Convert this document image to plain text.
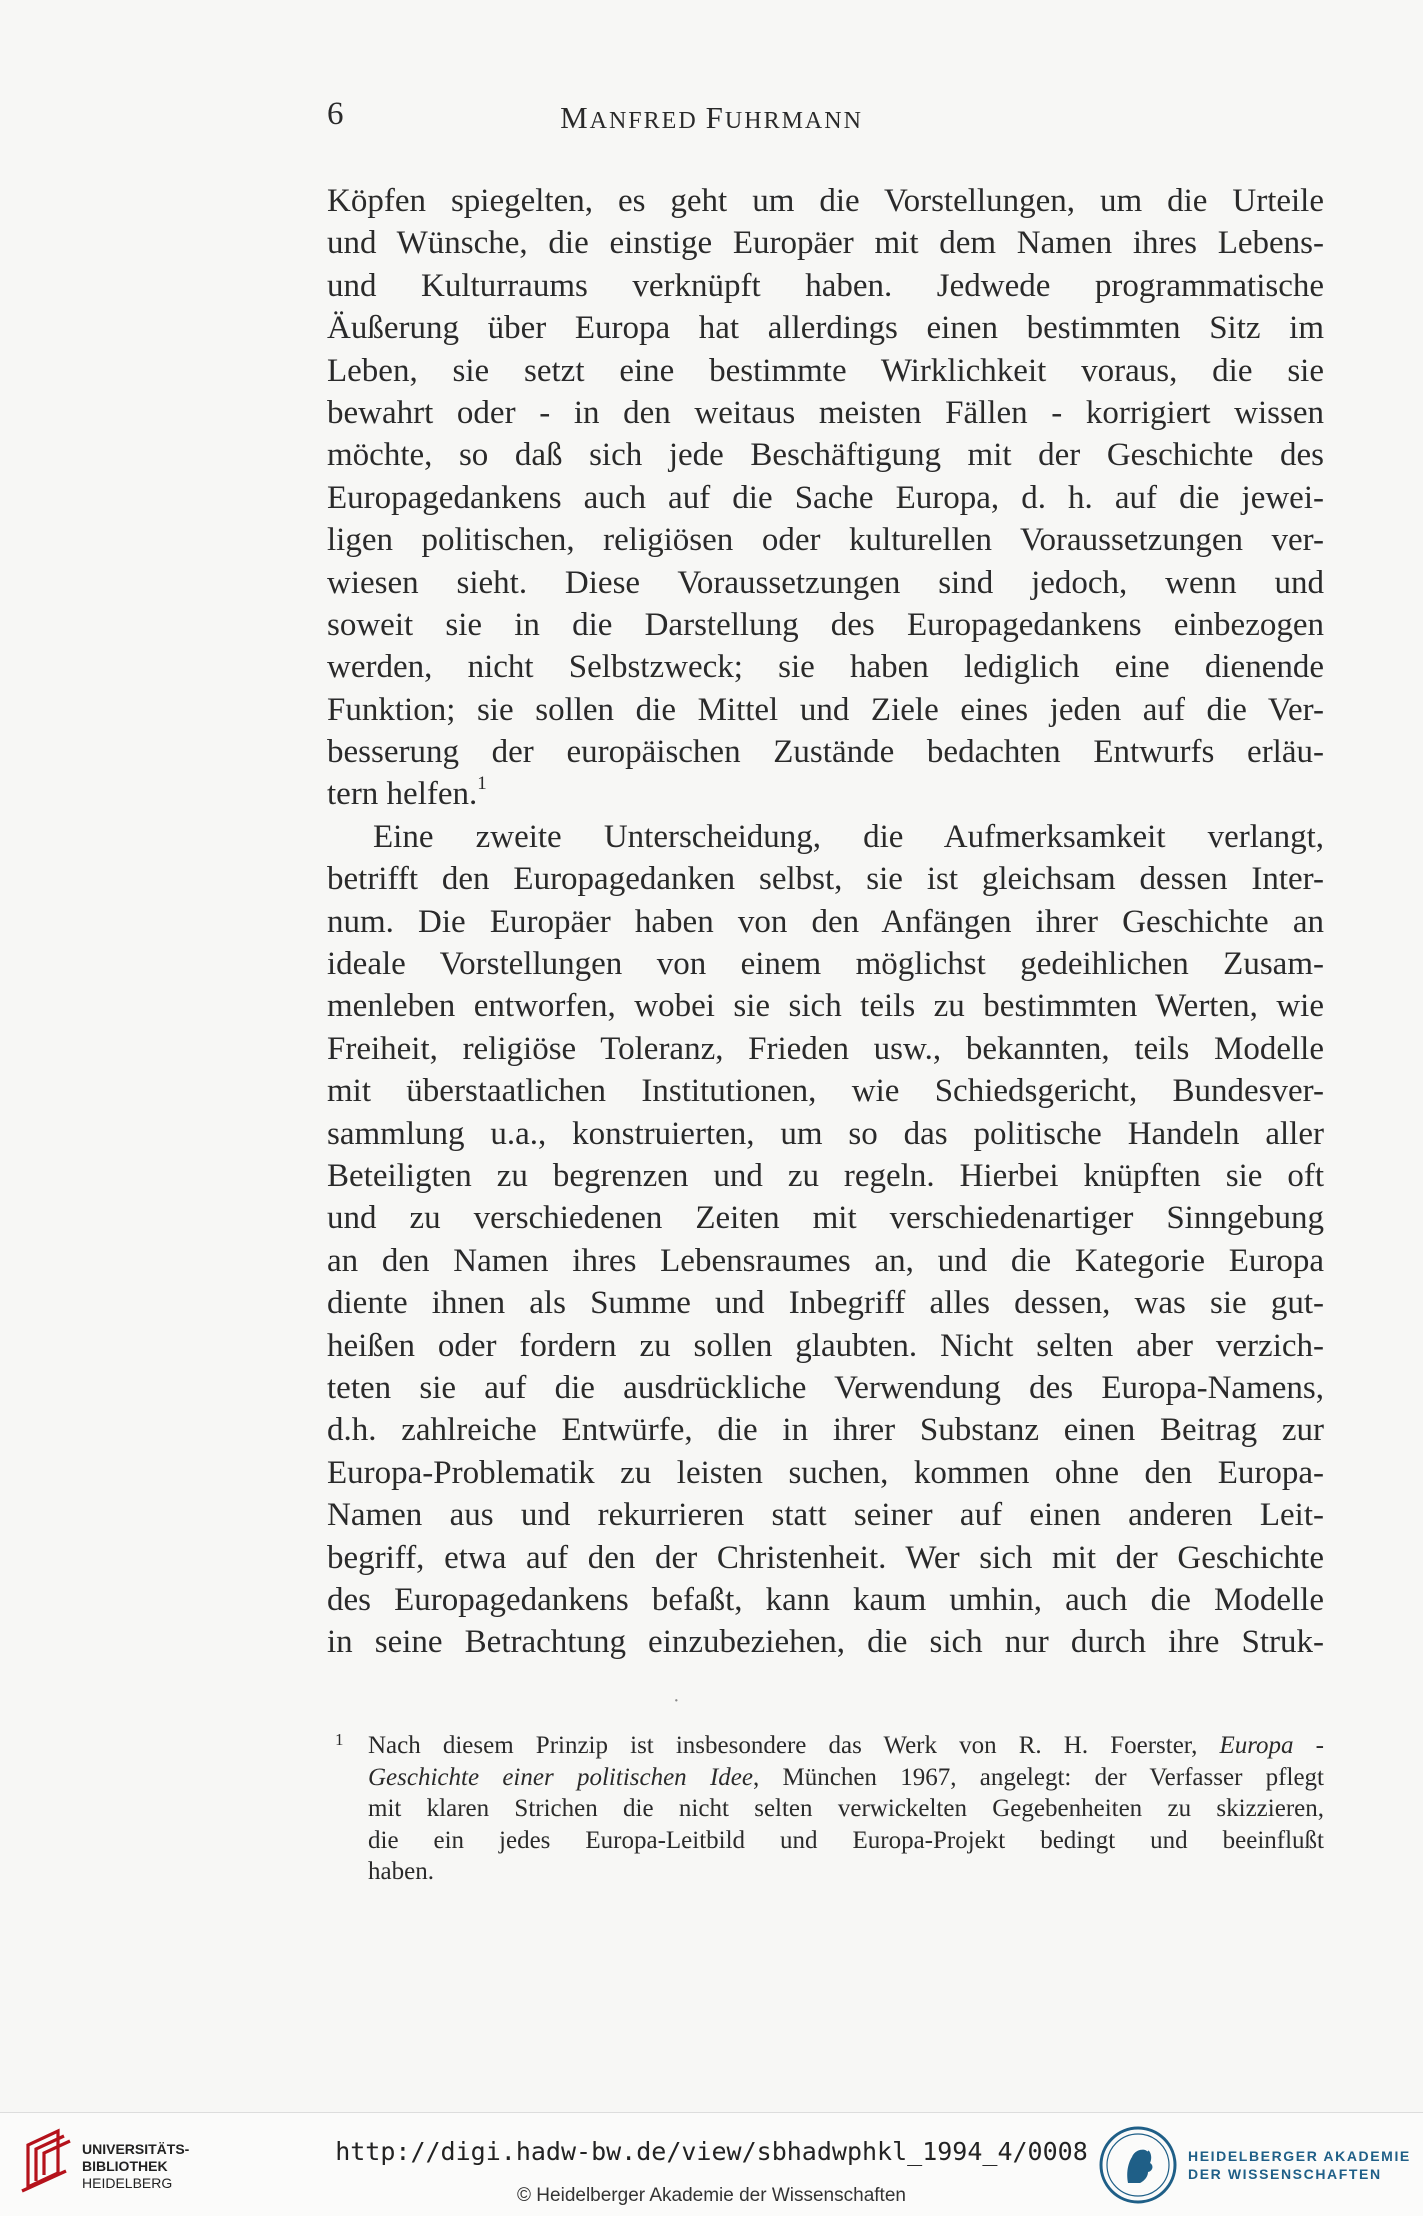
6	MANFRED FUHRMANN
Köpfen spiegelten, es geht um die Vorstellungen, um die Urteile
und Wünsche, die einstige Europäer mit dem Namen ihres Lebens-
und Kulturraums verknüpft haben. Jedwede programmatische
Äußerung über Europa hat allerdings einen bestimmten Sitz im
Leben, sie setzt eine bestimmte Wirklichkeit voraus, die sie
bewahrt oder - in den weitaus meisten Fällen - korrigiert wissen
möchte, so daß sich jede Beschäftigung mit der Geschichte des
Europagedankens auch auf die Sache Europa, d. h. auf die jewei-
ligen politischen, religiösen oder kulturellen Voraussetzungen ver-
wiesen sieht. Diese Voraussetzungen sind jedoch, wenn und
soweit sie in die Darstellung des Europagedankens einbezogen
werden, nicht Selbstzweck; sie haben lediglich eine dienende
Funktion; sie sollen die Mittel und Ziele eines jeden auf die Ver-
besserung der europäischen Zustände bedachten Entwurfs erläu-
tern helfen.$^1$
Eine zweite Unterscheidung, die Aufmerksamkeit verlangt,
betrifft den Europagedanken selbst, sie ist gleichsam dessen Inter-
num. Die Europäer haben von den Anfängen ihrer Geschichte an
ideale Vorstellungen von einem möglichst gedeihlichen Zusam-
menleben entworfen, wobei sie sich teils zu bestimmten Werten, wie
Freiheit, religiöse Toleranz, Frieden usw., bekannten, teils Modelle
mit überstaatlichen Institutionen, wie Schiedsgericht, Bundesver-
sammlung u.a., konstruierten, um so das politische Handeln aller
Beteiligten zu begrenzen und zu regeln. Hierbei knüpften sie oft
und zu verschiedenen Zeiten mit verschiedenartiger Sinngebung
an den Namen ihres Lebensraumes an, und die Kategorie Europa
diente ihnen als Summe und Inbegriff alles dessen, was sie gut-
heißen oder fordern zu sollen glaubten. Nicht selten aber verzich-
teten sie auf die ausdrückliche Verwendung des Europa-Namens,
d.h. zahlreiche Entwürfe, die in ihrer Substanz einen Beitrag zur
Europa-Problematik zu leisten suchen, kommen ohne den Europa-
Namen aus und rekurrieren statt seiner auf einen anderen Leit-
begriff, etwa auf den der Christenheit. Wer sich mit der Geschichte
des Europagedankens befaßt, kann kaum umhin, auch die Modelle
in seine Betrachtung einzubeziehen, die sich nur durch ihre Struk-
·
1 Nach diesem Prinzip ist insbesondere das Werk von R. H. Foerster, Europa -
Geschichte einer politischen Idee, München 1967, angelegt: der Verfasser pflegt
mit klaren Strichen die nicht selten verwickelten Gegebenheiten zu skizzieren,
die ein jedes Europa-Leitbild und Europa-Projekt bedingt und beeinflußt
haben.
UNIVERSITÄTS-
BIBLIOTHEK
HEIDELBERG
http://digi.hadw-bw.de/view/sbhadwphkl_1994_4/0008
© Heidelberger Akademie der Wissenschaften
HEIDELBERGER AKADEMIE
DER WISSENSCHAFTEN
